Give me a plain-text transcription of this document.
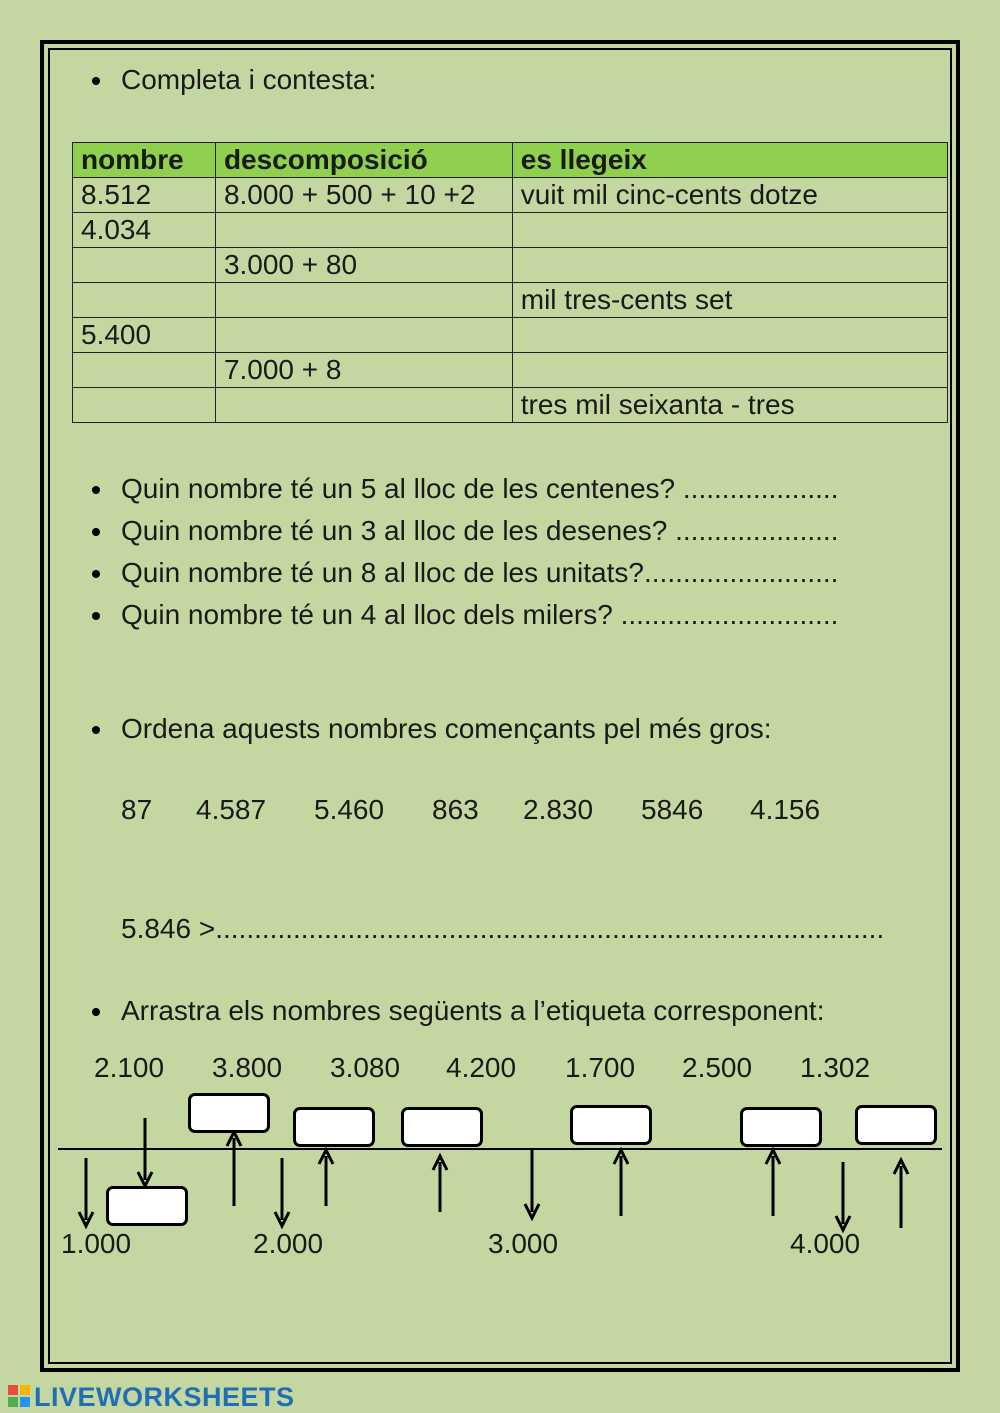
Completa i contesta:
nombre	descomposició	es llegeix
8.512	8.000 + 500 + 10 +2	vuit mil cinc-cents dotze
4.034		
	3.000 + 80	
		mil tres-cents set
5.400		
	7.000 + 8	
		tres mil seixanta - tres
Quin nombre té un 5 al lloc de les centenes? ....................
Quin nombre té un 3 al lloc de les desenes? .....................
Quin nombre té un 8 al lloc de les unitats?.........................
Quin nombre té un 4 al lloc dels milers? ............................
Ordena aquests nombres començants pel més gros:
87 4.587 5.460 863 2.830 5846 4.156
5.846 >......................................................................................
Arrastra els nombres següents a l’etiqueta corresponent:
2.100 3.800 3.080 4.200 1.700 2.500 1.302
1.000	2.000	3.000	4.000
LIVEWORKSHEETS
